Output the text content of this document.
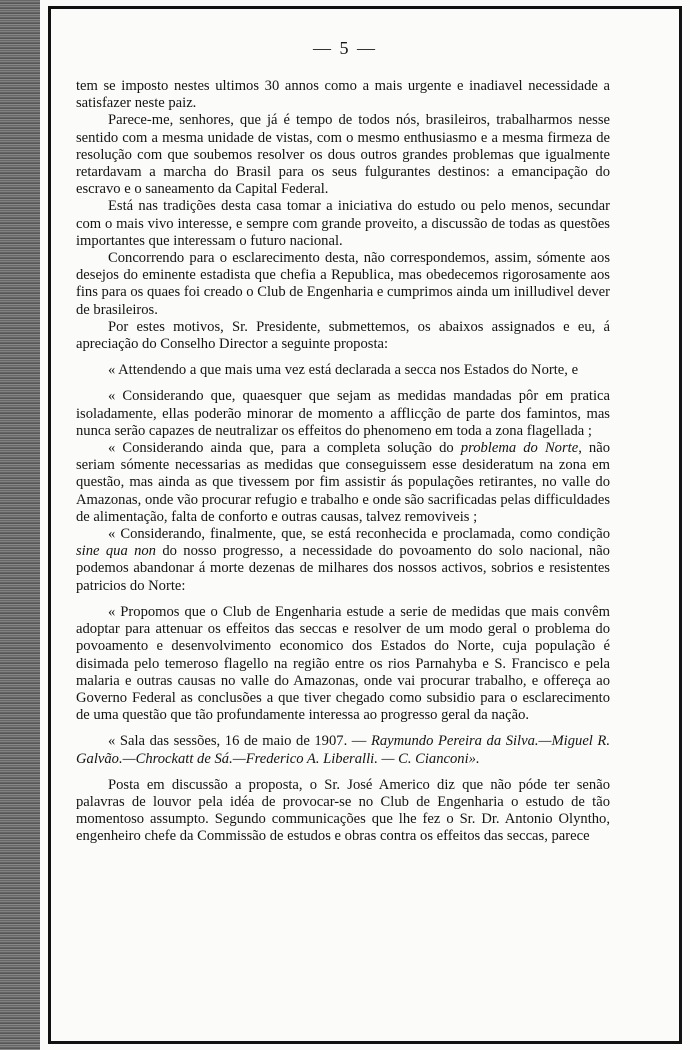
— 5 —

tem se imposto nestes ultimos 30 annos como a mais urgente e inadiavel necessidade a satisfazer neste paiz.

Parece-me, senhores, que já é tempo de todos nós, brasileiros, trabalharmos nesse sentido com a mesma unidade de vistas, com o mesmo enthusiasmo e a mesma firmeza de resolução com que soubemos resolver os dous outros grandes problemas que igualmente retardavam a marcha do Brasil para os seus fulgurantes destinos: a emancipação do escravo e o saneamento da Capital Federal.

Está nas tradições desta casa tomar a iniciativa do estudo ou pelo menos, secundar com o mais vivo interesse, e sempre com grande proveito, a discussão de todas as questões importantes que interessam o futuro nacional.

Concorrendo para o esclarecimento desta, não correspondemos, assim, sómente aos desejos do eminente estadista que chefia a Republica, mas obedecemos rigorosamente aos fins para os quaes foi creado o Club de Engenharia e cumprimos ainda um inilludivel dever de brasileiros.

Por estes motivos, Sr. Presidente, submettemos, os abaixos assignados e eu, á apreciação do Conselho Director a seguinte proposta:

« Attendendo a que mais uma vez está declarada a secca nos Estados do Norte, e

« Considerando que, quaesquer que sejam as medidas mandadas pôr em pratica isoladamente, ellas poderão minorar de momento a afflicção de parte dos famintos, mas nunca serão capazes de neutralizar os effeitos do phenomeno em toda a zona flagellada ;

« Considerando ainda que, para a completa solução do problema do Norte, não seriam sómente necessarias as medidas que conseguissem esse desideratum na zona em questão, mas ainda as que tivessem por fim assistir ás populações retirantes, no valle do Amazonas, onde vão procurar refugio e trabalho e onde são sacrificadas pelas difficuldades de alimentação, falta de conforto e outras causas, talvez removiveis ;

« Considerando, finalmente, que, se está reconhecida e proclamada, como condição sine qua non do nosso progresso, a necessidade do povoamento do solo nacional, não podemos abandonar á morte dezenas de milhares dos nossos activos, sobrios e resistentes patricios do Norte:

« Propomos que o Club de Engenharia estude a serie de medidas que mais convêm adoptar para attenuar os effeitos das seccas e resolver de um modo geral o problema do povoamento e desenvolvimento economico dos Estados do Norte, cuja população é disimada pelo temeroso flagello na região entre os rios Parnahyba e S. Francisco e pela malaria e outras causas no valle do Amazonas, onde vai procurar trabalho, e offereça ao Governo Federal as conclusões a que tiver chegado como subsidio para o esclarecimento de uma questão que tão profundamente interessa ao progresso geral da nação.

« Sala das sessões, 16 de maio de 1907. — Raymundo Pereira da Silva.—Miguel R. Galvão.—Chrockatt de Sá.—Frederico A. Liberalli. — C. Cianconi».

Posta em discussão a proposta, o Sr. José Americo diz que não póde ter senão palavras de louvor pela idéa de provocar-se no Club de Engenharia o estudo de tão momentoso assumpto. Segundo communicações que lhe fez o Sr. Dr. Antonio Olyntho, engenheiro chefe da Commissão de estudos e obras contra os effeitos das seccas, parece
